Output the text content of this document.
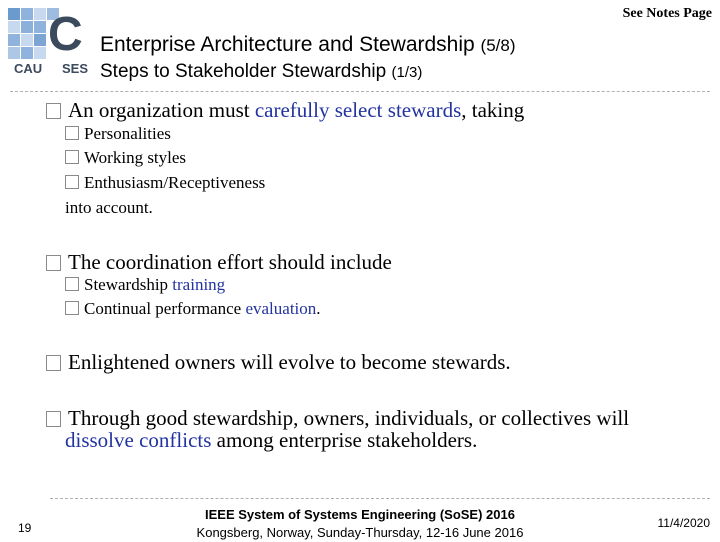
C
CAU SES
See Notes Page
Enterprise Architecture and Stewardship (5/8)
Steps to Stakeholder Stewardship (1/3)
An organization must carefully select stewards, taking
Personalities
Working styles
Enthusiasm/Receptiveness
into account.
The coordination effort should include
Stewardship training
Continual performance evaluation.
Enlightened owners will evolve to become stewards.
Through good stewardship, owners, individuals, or collectives will
dissolve conflicts among enterprise stakeholders.
19
IEEE System of Systems Engineering (SoSE) 2016
Kongsberg, Norway, Sunday-Thursday, 12-16 June 2016
11/4/2020
